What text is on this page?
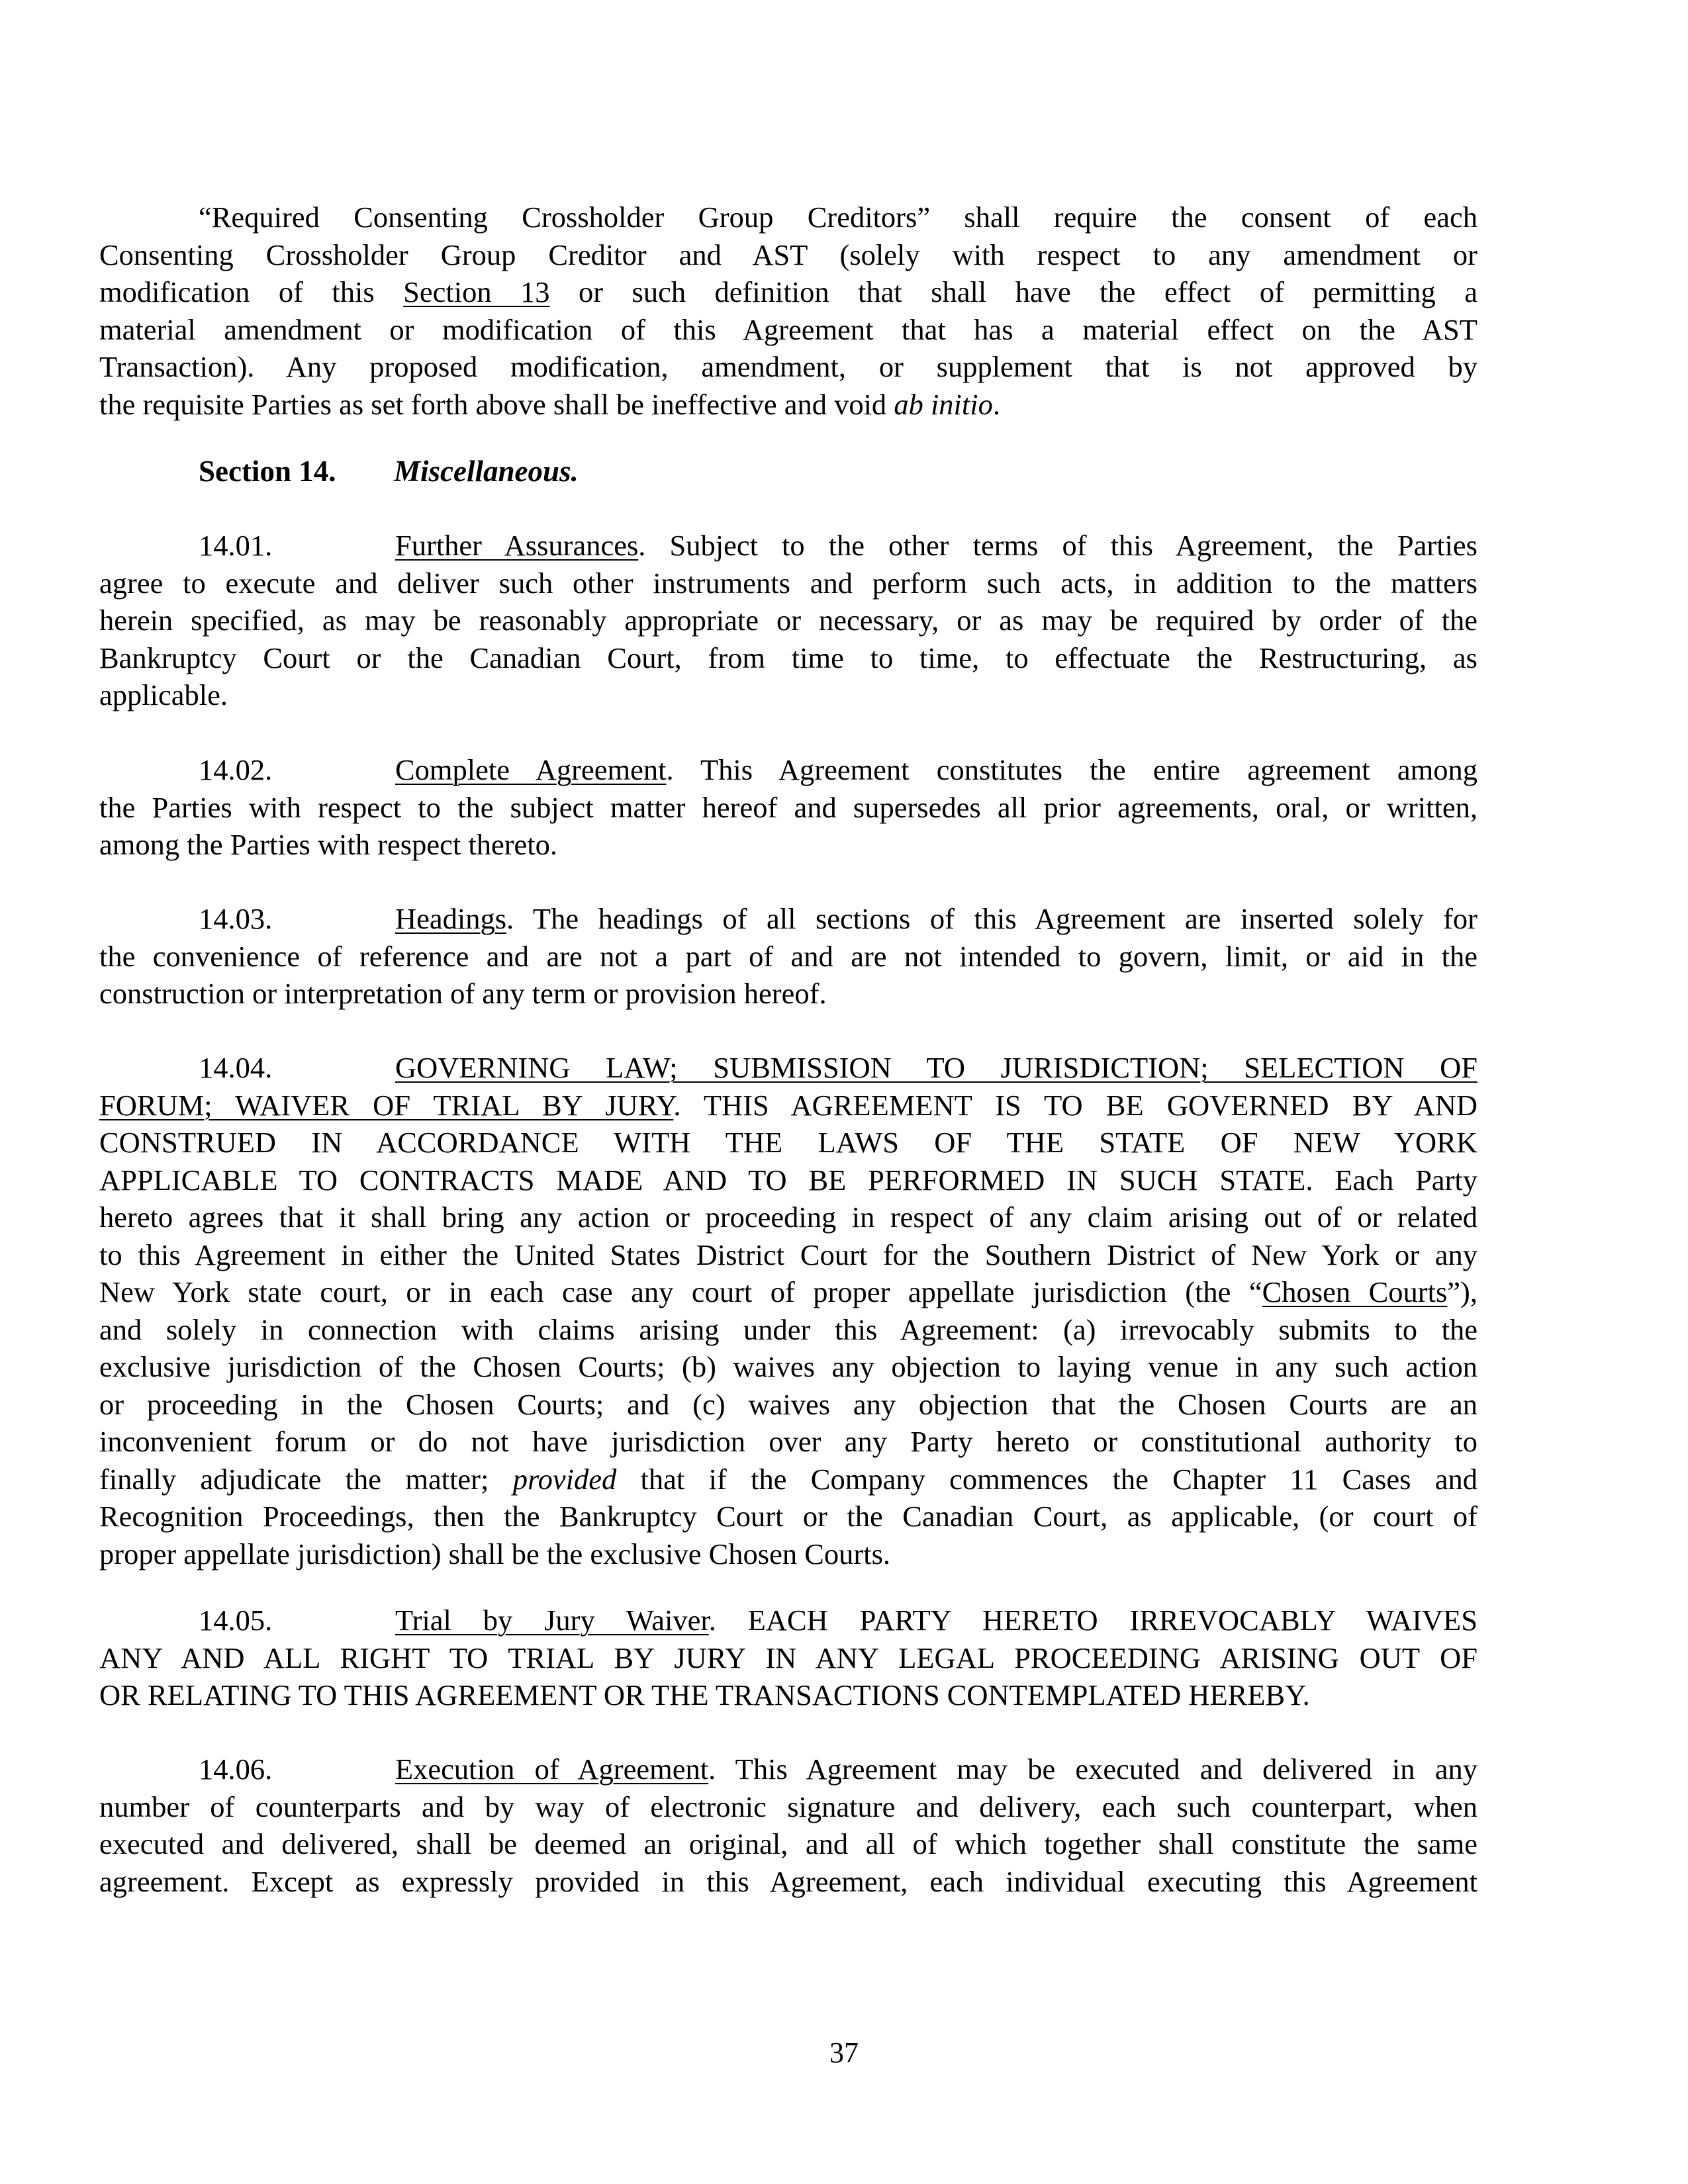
“Required Consenting Crossholder Group Creditors” shall require the consent of each
Consenting Crossholder Group Creditor and AST (solely with respect to any amendment or
modification of this Section 13 or such definition that shall have the effect of permitting a
material amendment or modification of this Agreement that has a material effect on the AST
Transaction). Any proposed modification, amendment, or supplement that is not approved by
the requisite Parties as set forth above shall be ineffective and void ab initio.
Section 14. Miscellaneous.
14.01.	Further Assurances. Subject to the other terms of this Agreement, the Parties
agree to execute and deliver such other instruments and perform such acts, in addition to the matters
herein specified, as may be reasonably appropriate or necessary, or as may be required by order of the
Bankruptcy Court or the Canadian Court, from time to time, to effectuate the Restructuring, as
applicable.
14.02.	Complete Agreement. This Agreement constitutes the entire agreement among
the Parties with respect to the subject matter hereof and supersedes all prior agreements, oral, or written,
among the Parties with respect thereto.
14.03.	Headings. The headings of all sections of this Agreement are inserted solely for
the convenience of reference and are not a part of and are not intended to govern, limit, or aid in the
construction or interpretation of any term or provision hereof.
14.04.	GOVERNING LAW; SUBMISSION TO JURISDICTION; SELECTION OF
FORUM; WAIVER OF TRIAL BY JURY. THIS AGREEMENT IS TO BE GOVERNED BY AND
CONSTRUED IN ACCORDANCE WITH THE LAWS OF THE STATE OF NEW YORK
APPLICABLE TO CONTRACTS MADE AND TO BE PERFORMED IN SUCH STATE. Each Party
hereto agrees that it shall bring any action or proceeding in respect of any claim arising out of or related
to this Agreement in either the United States District Court for the Southern District of New York or any
New York state court, or in each case any court of proper appellate jurisdiction (the “Chosen Courts”),
and solely in connection with claims arising under this Agreement: (a) irrevocably submits to the
exclusive jurisdiction of the Chosen Courts; (b) waives any objection to laying venue in any such action
or proceeding in the Chosen Courts; and (c) waives any objection that the Chosen Courts are an
inconvenient forum or do not have jurisdiction over any Party hereto or constitutional authority to
finally adjudicate the matter; provided that if the Company commences the Chapter 11 Cases and
Recognition Proceedings, then the Bankruptcy Court or the Canadian Court, as applicable, (or court of
proper appellate jurisdiction) shall be the exclusive Chosen Courts.
14.05.	Trial by Jury Waiver. EACH PARTY HERETO IRREVOCABLY WAIVES
ANY AND ALL RIGHT TO TRIAL BY JURY IN ANY LEGAL PROCEEDING ARISING OUT OF
OR RELATING TO THIS AGREEMENT OR THE TRANSACTIONS CONTEMPLATED HEREBY.
14.06.	Execution of Agreement. This Agreement may be executed and delivered in any
number of counterparts and by way of electronic signature and delivery, each such counterpart, when
executed and delivered, shall be deemed an original, and all of which together shall constitute the same
agreement. Except as expressly provided in this Agreement, each individual executing this Agreement
37
